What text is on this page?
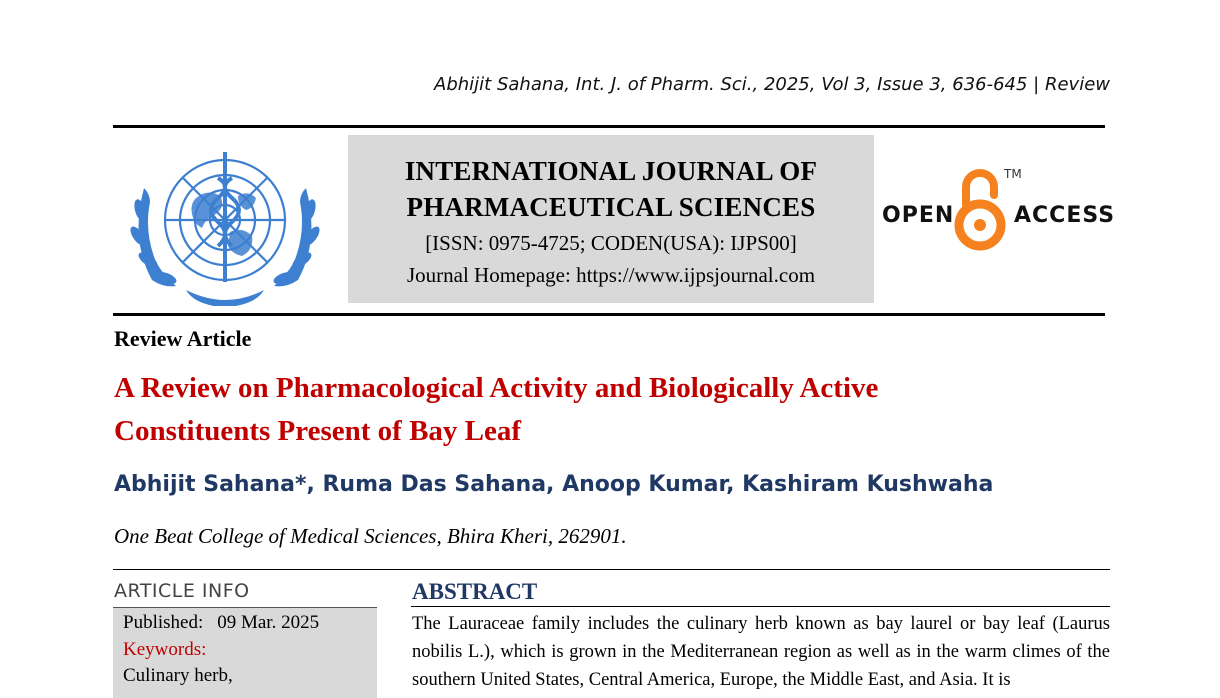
Abhijit Sahana, Int. J. of Pharm. Sci., 2025, Vol 3, Issue 3, 636-645 | Review
INTERNATIONAL JOURNAL OF
PHARMACEUTICAL SCIENCES
[ISSN: 0975-4725; CODEN(USA): IJPS00]
Journal Homepage: https://www.ijpsjournal.com
OPEN
TM
ACCESS
Review Article
A Review on Pharmacological Activity and Biologically Active Constituents Present of Bay Leaf
Abhijit Sahana*, Ruma Das Sahana, Anoop Kumar, Kashiram Kushwaha
One Beat College of Medical Sciences, Bhira Kheri, 262901.
ARTICLE INFO
Published: 09 Mar. 2025
Keywords:
Culinary herb,
ABSTRACT
The Lauraceae family includes the culinary herb known as bay laurel or bay leaf (Laurus nobilis L.), which is grown in the Mediterranean region as well as in the warm climes of the southern United States, Central America, Europe, the Middle East, and Asia. It is
